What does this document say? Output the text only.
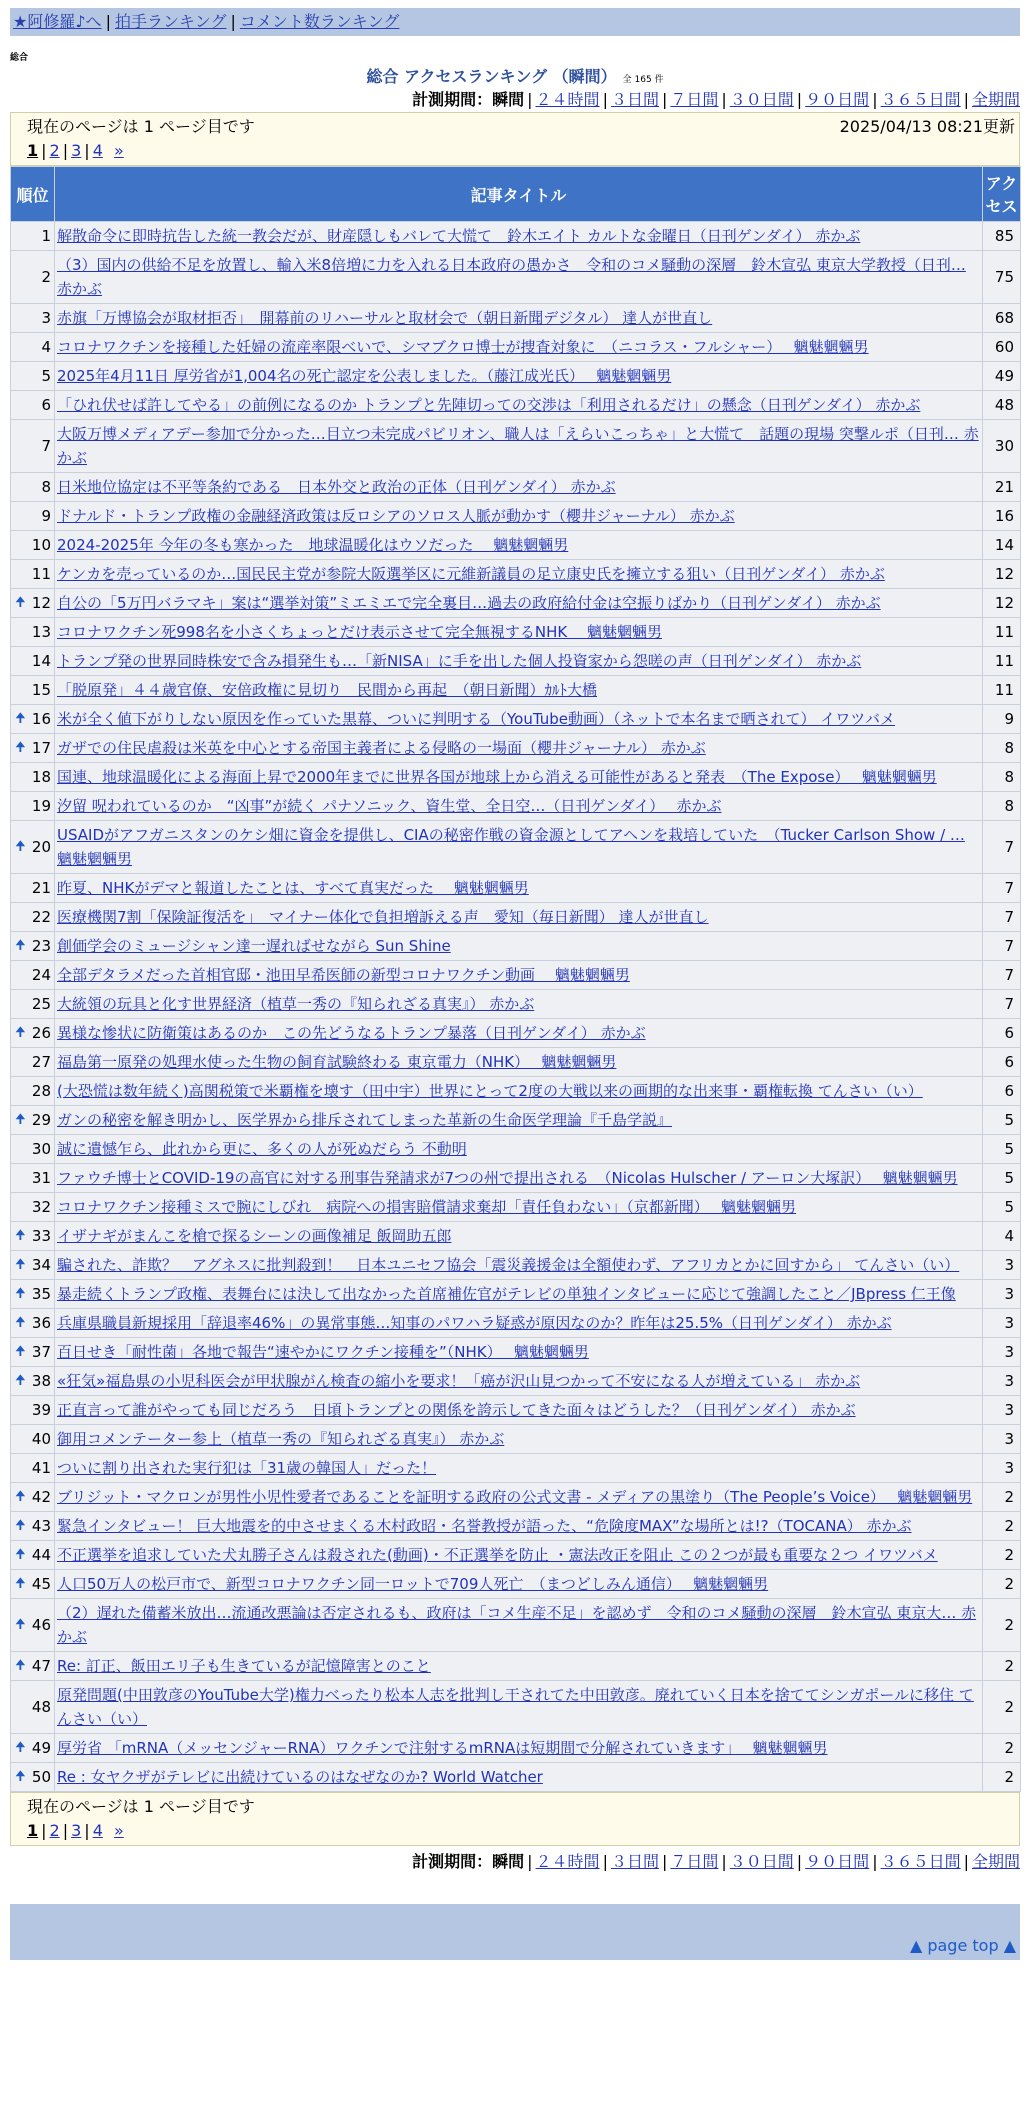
★阿修羅♪へ | 拍手ランキング | コメント数ランキング
総合
総合 アクセスランキング （瞬間） 全 165 件
計測期間：瞬間 | ２４時間 | ３日間 | ７日間 | ３０日間 | ９０日間 | ３６５日間 | 全期間
現在のページは 1 ページ目です	2025/04/13 08:21更新
1 | 2 | 3 | 4 »
順位	記事タイトル	アクセス
1	解散命令に即時抗告した統一教会だが、財産隠しもバレて大慌て　鈴木エイト カルトな金曜日（日刊ゲンダイ） 赤かぶ	85
2	（3）国内の供給不足を放置し、輸入米8倍増に力を入れる日本政府の愚かさ　令和のコメ騒動の深層　鈴木宣弘 東京大学教授（日刊… 赤かぶ	75
3	赤旗「万博協会が取材拒否」　開幕前のリハーサルと取材会で（朝日新聞デジタル） 達人が世直し	68
4	コロナワクチンを接種した妊婦の流産率限べいで、シマブクロ博士が捜査対象に　（ニコラス・フルシャー）　 魑魅魍魎男	60
5	2025年4月11日 厚労省が1,004名の死亡認定を公表しました。（藤江成光氏）　 魑魅魍魎男	49
6	「ひれ伏せば許してやる」の前例になるのか トランプと先陣切っての交渉は「利用されるだけ」の懸念（日刊ゲンダイ） 赤かぶ	48
7	大阪万博メディアデー参加で分かった…目立つ未完成パビリオン、職人は「えらいこっちゃ」と大慌て　話題の現場 突撃ルポ（日刊… 赤かぶ	30
8	日米地位協定は不平等条約である　日本外交と政治の正体（日刊ゲンダイ） 赤かぶ	21
9	ドナルド・トランプ政権の金融経済政策は反ロシアのソロス人脈が動かす（櫻井ジャーナル） 赤かぶ	16
10	2024-2025年 今年の冬も寒かった　地球温暖化はウソだった　 魑魅魍魎男	14
11	ケンカを売っているのか…国民民主党が参院大阪選挙区に元維新議員の足立康史氏を擁立する狙い（日刊ゲンダイ） 赤かぶ	12

🠉 12	自公の「5万円バラマキ」案は“選挙対策”ミエミエで完全裏目…過去の政府給付金は空振りばかり（日刊ゲンダイ） 赤かぶ	12
13	コロナワクチン死998名を小さくちょっとだけ表示させて完全無視するNHK　 魑魅魍魎男	11
14	トランプ発の世界同時株安で含み損発生も…「新NISA」に手を出した個人投資家から怨嗟の声（日刊ゲンダイ） 赤かぶ	11
15	「脱原発」４４歳官僚、安倍政権に見切り　民間から再起　（朝日新聞）ｶﾙﾄ大橋	11

🠉 16	米が全く値下がりしない原因を作っていた黒幕、ついに判明する（YouTube動画）（ネットで本名まで晒されて） イワツバメ	9

🠉 17	ガザでの住民虐殺は米英を中心とする帝国主義者による侵略の一場面（櫻井ジャーナル） 赤かぶ	8
18	国連、地球温暖化による海面上昇で2000年までに世界各国が地球上から消える可能性があると発表　（The Expose）　 魑魅魍魎男	8
19	汐留 呪われているのか　“凶事”が続く パナソニック、資生堂、全日空…（日刊ゲンダイ）　 赤かぶ	8

🠉 20	USAIDがアフガニスタンのケシ畑に資金を提供し、CIAの秘密作戦の資金源としてアヘンを栽培していた　（Tucker Carlson Show / … 魑魅魍魎男	7
21	昨夏、NHKがデマと報道したことは、すべて真実だった　 魑魅魍魎男	7
22	医療機関7割「保険証復活を」　マイナー体化で負担増訴える声　愛知（毎日新聞） 達人が世直し	7

🠉 23	創価学会のミュージシャン達一遅ればせながら Sun Shine	7
24	全部デタラメだった首相官邸・池田早希医師の新型コロナワクチン動画　 魑魅魍魎男	7
25	大統領の玩具と化す世界経済（植草一秀の『知られざる真実』） 赤かぶ	7

🠉 26	異様な惨状に防衛策はあるのか　この先どうなるトランプ暴落（日刊ゲンダイ） 赤かぶ	6
27	福島第一原発の処理水使った生物の飼育試験終わる 東京電力（NHK）　 魑魅魍魎男	6
28	(大恐慌は数年続く)高関税策で米覇権を壊す（田中宇）世界にとって2度の大戦以来の画期的な出来事・覇権転換 てんさい（い）	6

🠉 29	ガンの秘密を解き明かし、医学界から排斥されてしまった革新の生命医学理論『千島学説』	5
30	誠に遺憾乍ら、此れから更に、多くの人が死ぬだらう 不動明	5
31	ファウチ博士とCOVID-19の高官に対する刑事告発請求が7つの州で提出される　（Nicolas Hulscher / アーロン大塚訳）　 魑魅魍魎男	5
32	コロナワクチン接種ミスで腕にしびれ　病院への損害賠償請求棄却「責任負わない」（京都新聞）　 魑魅魍魎男	5

🠉 33	イザナギがまんこを槍で探るシーンの画像補足 飯岡助五郎	4

🠉 34	騙された、詐欺？　アグネスに批判殺到！　日本ユニセフ協会「震災義援金は全額使わず、アフリカとかに回すから」 てんさい（い）	3

🠉 35	暴走続くトランプ政権、表舞台には決して出なかった首席補佐官がテレビの単独インタビューに応じて強調したこと／JBpress 仁王像	3

🠉 36	兵庫県職員新規採用「辞退率46%」の異常事態…知事のパワハラ疑惑が原因なのか？昨年は25.5%（日刊ゲンダイ） 赤かぶ	3

🠉 37	百日せき「耐性菌」各地で報告“速やかにワクチン接種を”（NHK）　 魑魅魍魎男	3

🠉 38	«狂気»福島県の小児科医会が甲状腺がん検査の縮小を要求！「癌が沢山見つかって不安になる人が増えている」 赤かぶ	3
39	正直言って誰がやっても同じだろう　日頃トランプとの関係を誇示してきた面々はどうした？（日刊ゲンダイ） 赤かぶ	3
40	御用コメンテーター参上（植草一秀の『知られざる真実』） 赤かぶ	3
41	ついに割り出された実行犯は「31歳の韓国人」だった！	3

🠉 42	ブリジット・マクロンが男性小児性愛者であることを証明する政府の公式文書 - メディアの黒塗り（The People’s Voice）　 魑魅魍魎男	2

🠉 43	緊急インタビュー！ 巨大地震を的中させまくる木村政昭・名誉教授が語った、“危険度MAX”な場所とは!?（TOCANA） 赤かぶ	2

🠉 44	不正選挙を追求していた犬丸勝子さんは殺された(動画)・不正選挙を防止 ・憲法改正を阻止 この２つが最も重要な２つ イワツバメ	2

🠉 45	人口50万人の松戸市で、新型コロナワクチン同一ロットで709人死亡　（まつどしみん通信）　 魑魅魍魎男	2

🠉 46	（2）遅れた備蓄米放出…流通改悪論は否定されるも、政府は「コメ生産不足」を認めず　令和のコメ騒動の深層　鈴木宣弘 東京大… 赤かぶ	2

🠉 47	Re: 訂正、飯田エリ子も生きているが記憶障害とのこと	2
48	原発問題(中田敦彦のYouTube大学)権力べったり松本人志を批判し干されてた中田敦彦。廃れていく日本を捨ててシンガポールに移住 てんさい（い）	2

🠉 49	厚労省 「mRNA（メッセンジャーRNA）ワクチンで注射するmRNAは短期間で分解されていきます」　 魑魅魍魎男	2

🠉 50	Re : 女ヤクザがテレビに出続けているのはなぜなのか? World Watcher	2
現在のページは 1 ページ目です
1 | 2 | 3 | 4 »
計測期間：瞬間 | ２４時間 | ３日間 | ７日間 | ３０日間 | ９０日間 | ３６５日間 | 全期間
▲ page top ▲
